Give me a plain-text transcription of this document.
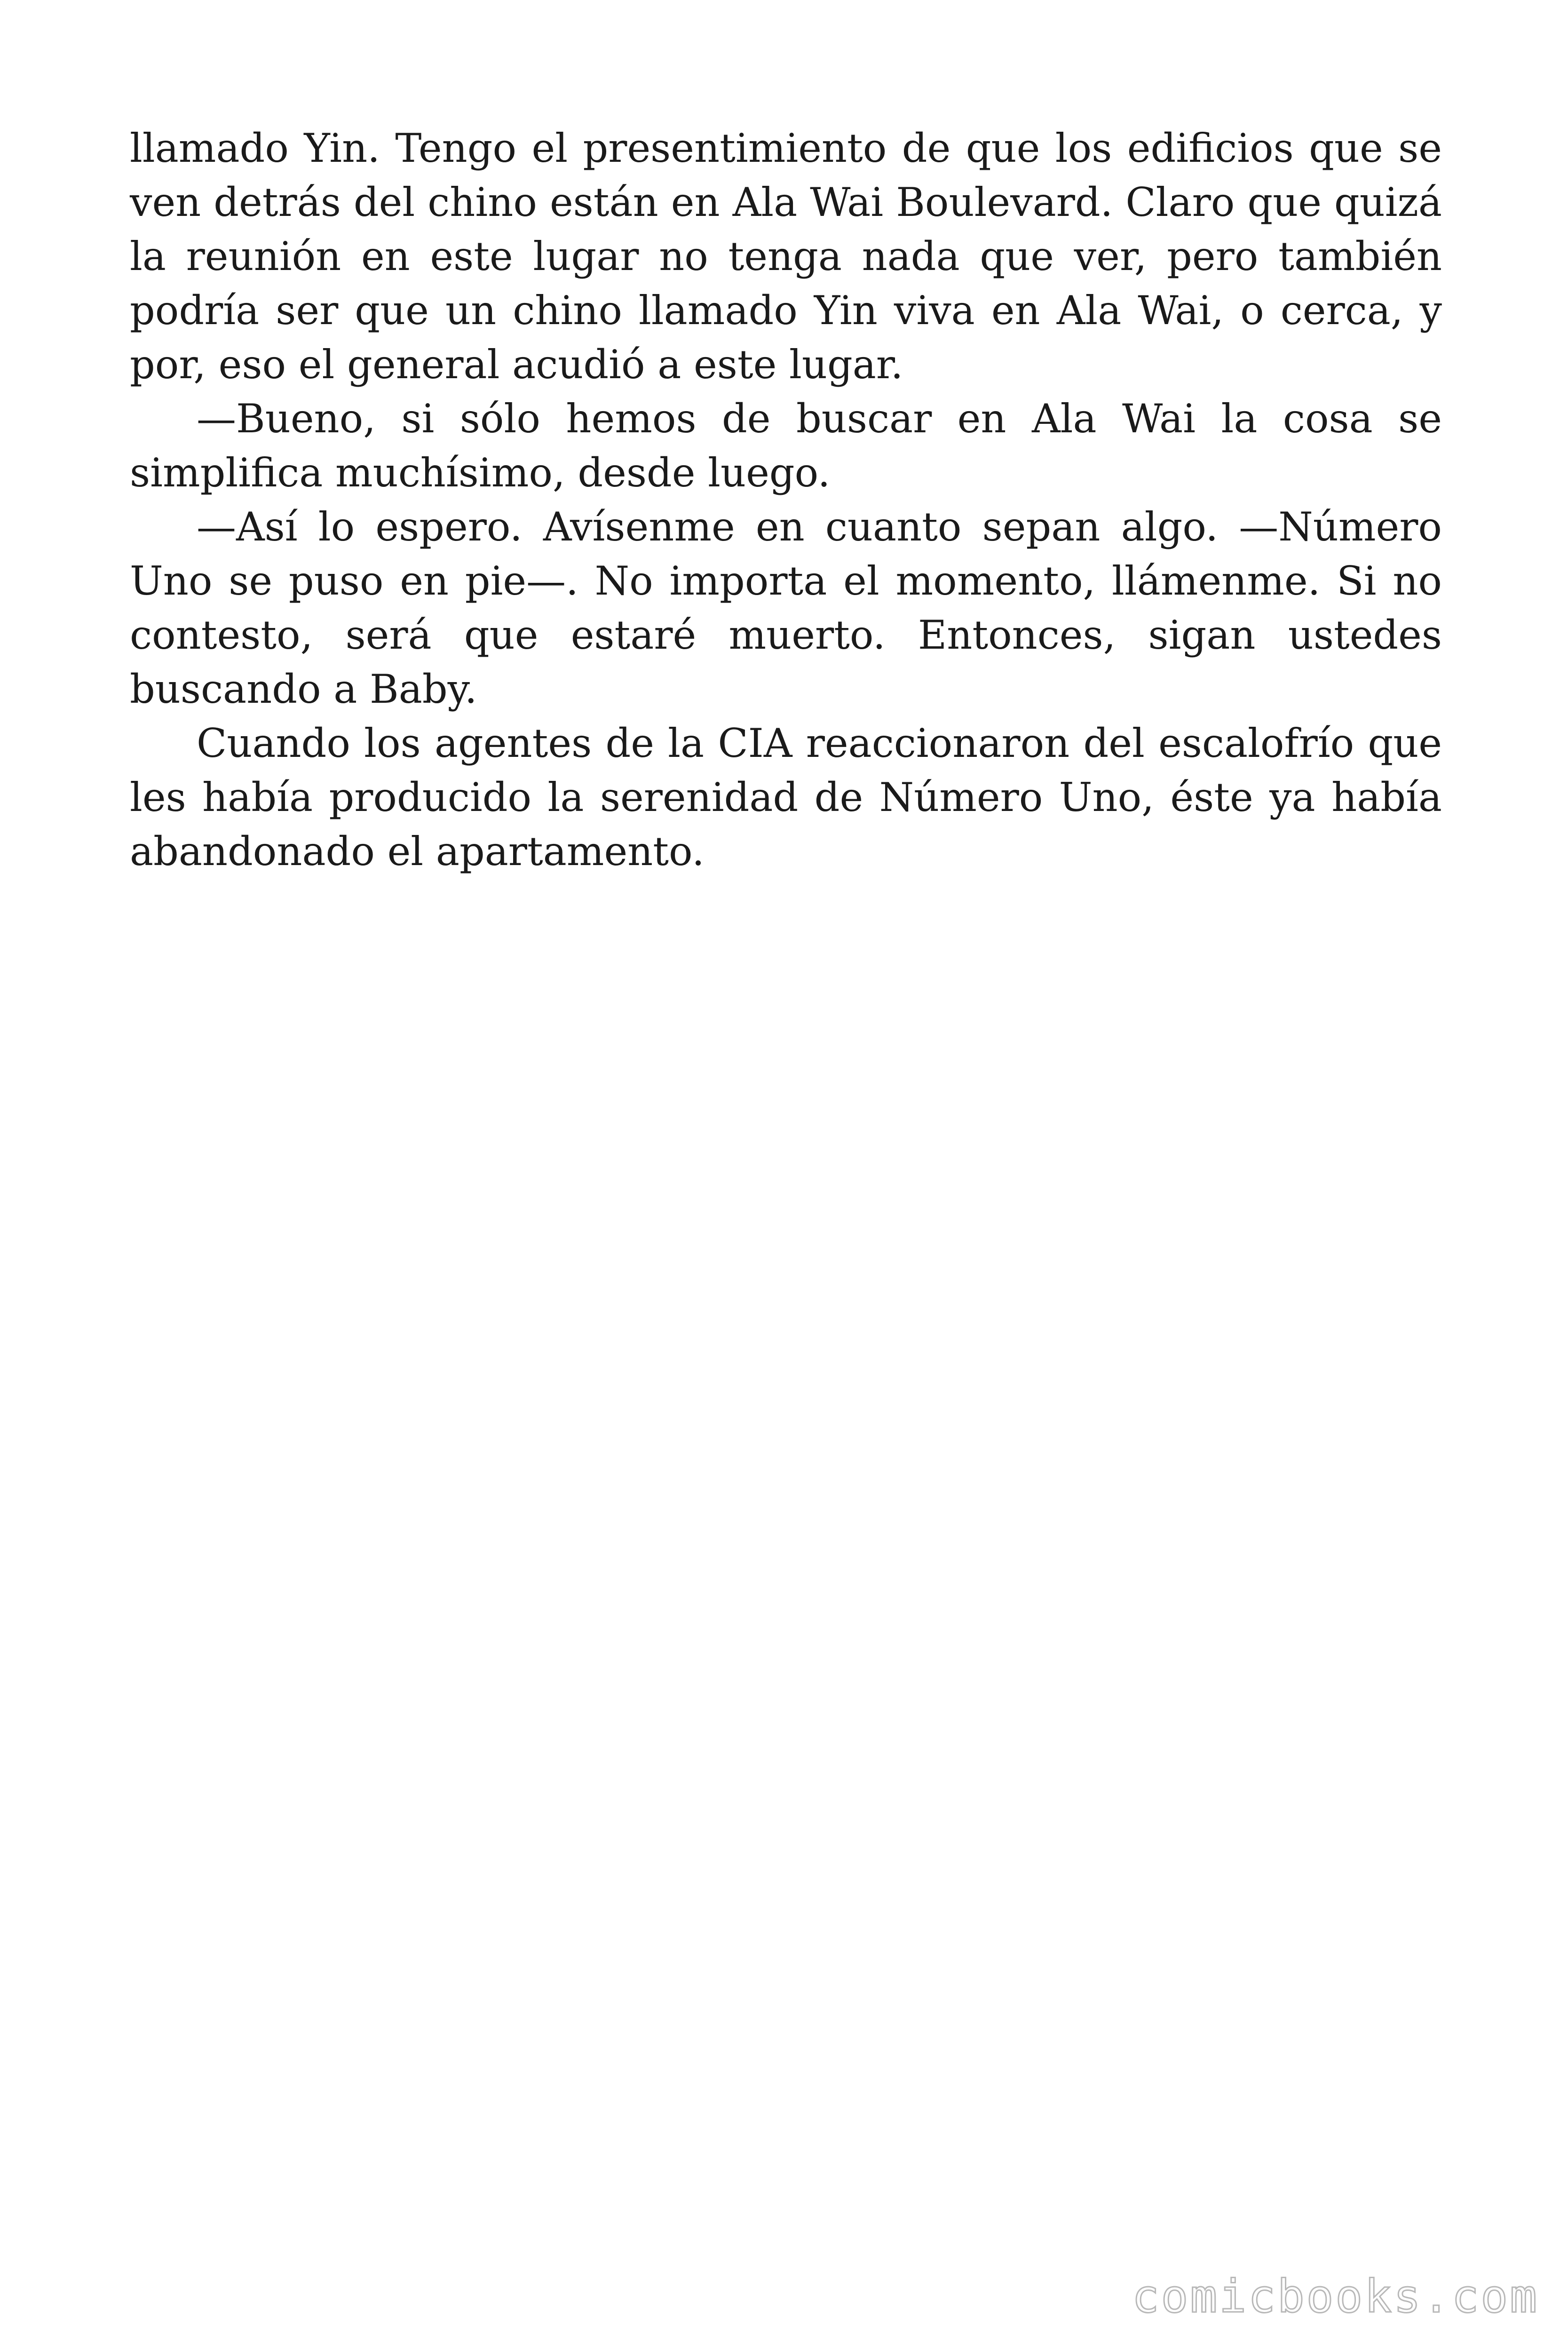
llamado Yin. Tengo el presentimiento de que los edificios que se ven detrás del chino están en Ala Wai Boulevard. Claro que quizá la reunión en este lugar no tenga nada que ver, pero también podría ser que un chino llamado Yin viva en Ala Wai, o cerca, y por, eso el general acudió a este lugar.

—Bueno, si sólo hemos de buscar en Ala Wai la cosa se simplifica muchísimo, desde luego.

—Así lo espero. Avísenme en cuanto sepan algo. —Número Uno se puso en pie—. No importa el momento, llámenme. Si no contesto, será que estaré muerto. Entonces, sigan ustedes buscando a Baby.

Cuando los agentes de la CIA reaccionaron del escalofrío que les había producido la serenidad de Número Uno, éste ya había abandonado el apartamento.

comicbooks.com
